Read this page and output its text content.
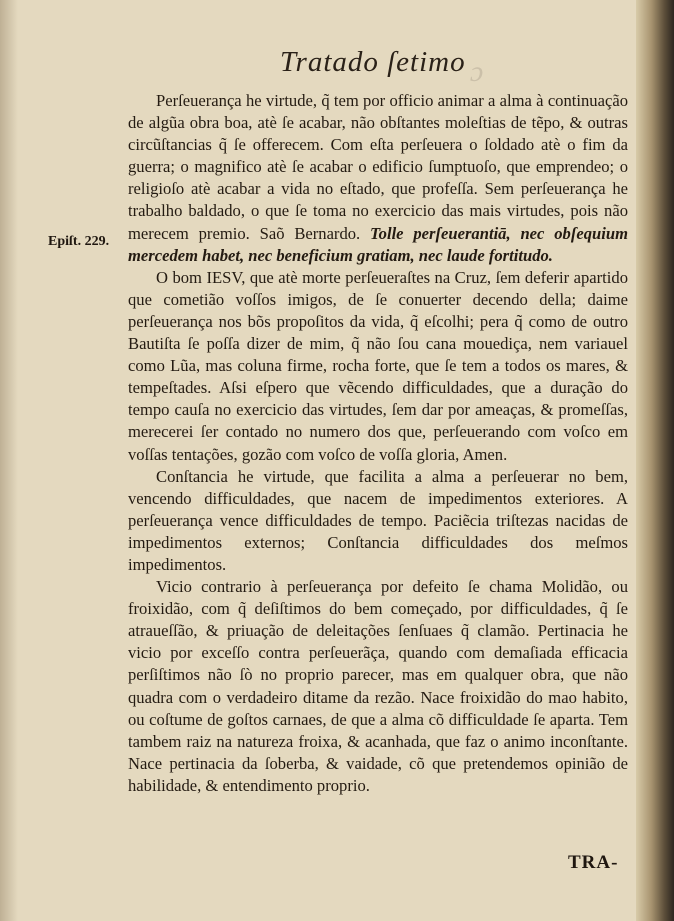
ɔ
Tratado ſetimo
Epiſt. 229.

Perſeuerança he virtude, q̃ tem por officio animar a alma à continuação de algũa obra boa, atè ſe acabar, não obſtantes moleſtias de tẽpo, & outras circũſtancias q̃ ſe offerecem. Com eſta perſeuera o ſoldado atè o fim da guerra; o magnifico atè ſe acabar o edificio ſumptuoſo, que emprendeo; o religioſo atè acabar a vida no eſtado, que profeſſa. Sem perſeuerança he trabalho baldado, o que ſe toma no exercicio das mais virtudes, pois não merecem premio. Saõ Bernardo. Tolle perſeuerantiā, nec obſequium mercedem habet, nec beneficium gratiam, nec laude fortitudo.

O bom IESV, que atè morte perſeueraſtes na Cruz, ſem deferir apartido que cometião voſſos imigos, de ſe conuerter decendo della; daime perſeuerança nos bõs propoſitos da vida, q̃ eſcolhi; pera q̃ como de outro Bautiſta ſe poſſa dizer de mim, q̃ não ſou cana mouediça, nem variauel como Lũa, mas coluna firme, rocha forte, que ſe tem a todos os mares, & tempeſtades. Aſsi eſpero que vẽcendo difficuldades, que a duração do tempo cauſa no exercicio das virtudes, ſem dar por ameaças, & promeſſas, merecerei ſer contado no numero dos que, perſeuerando com voſco em voſſas tentações, gozão com voſco de voſſa gloria, Amen.

Conſtancia he virtude, que facilita a alma a perſeuerar no bem, vencendo difficuldades, que nacem de impedimentos exteriores. A perſeuerança vence difficuldades de tempo. Paciẽcia triſtezas nacidas de impedimentos externos; Conſtancia difficuldades dos meſmos impedimentos.

Vicio contrario à perſeuerança por defeito ſe chama Molidão, ou froixidão, com q̃ deſiſtimos do bem começado, por difficuldades, q̃ ſe atraueſſão, & priuação de deleitações ſenſuaes q̃ clamão. Pertinacia he vicio por exceſſo contra perſeuerãça, quando com demaſiada efficacia perſiſtimos não ſò no proprio parecer, mas em qualquer obra, que não quadra com o verdadeiro ditame da rezão. Nace froixidão do mao habito, ou coſtume de goſtos carnaes, de que a alma cõ difficuldade ſe aparta. Tem tambem raiz na natureza froixa, & acanhada, que faz o animo inconſtante. Nace pertinacia da ſoberba, & vaidade, cõ que pretendemos opinião de habilidade, & entendimento proprio.

TRA-
